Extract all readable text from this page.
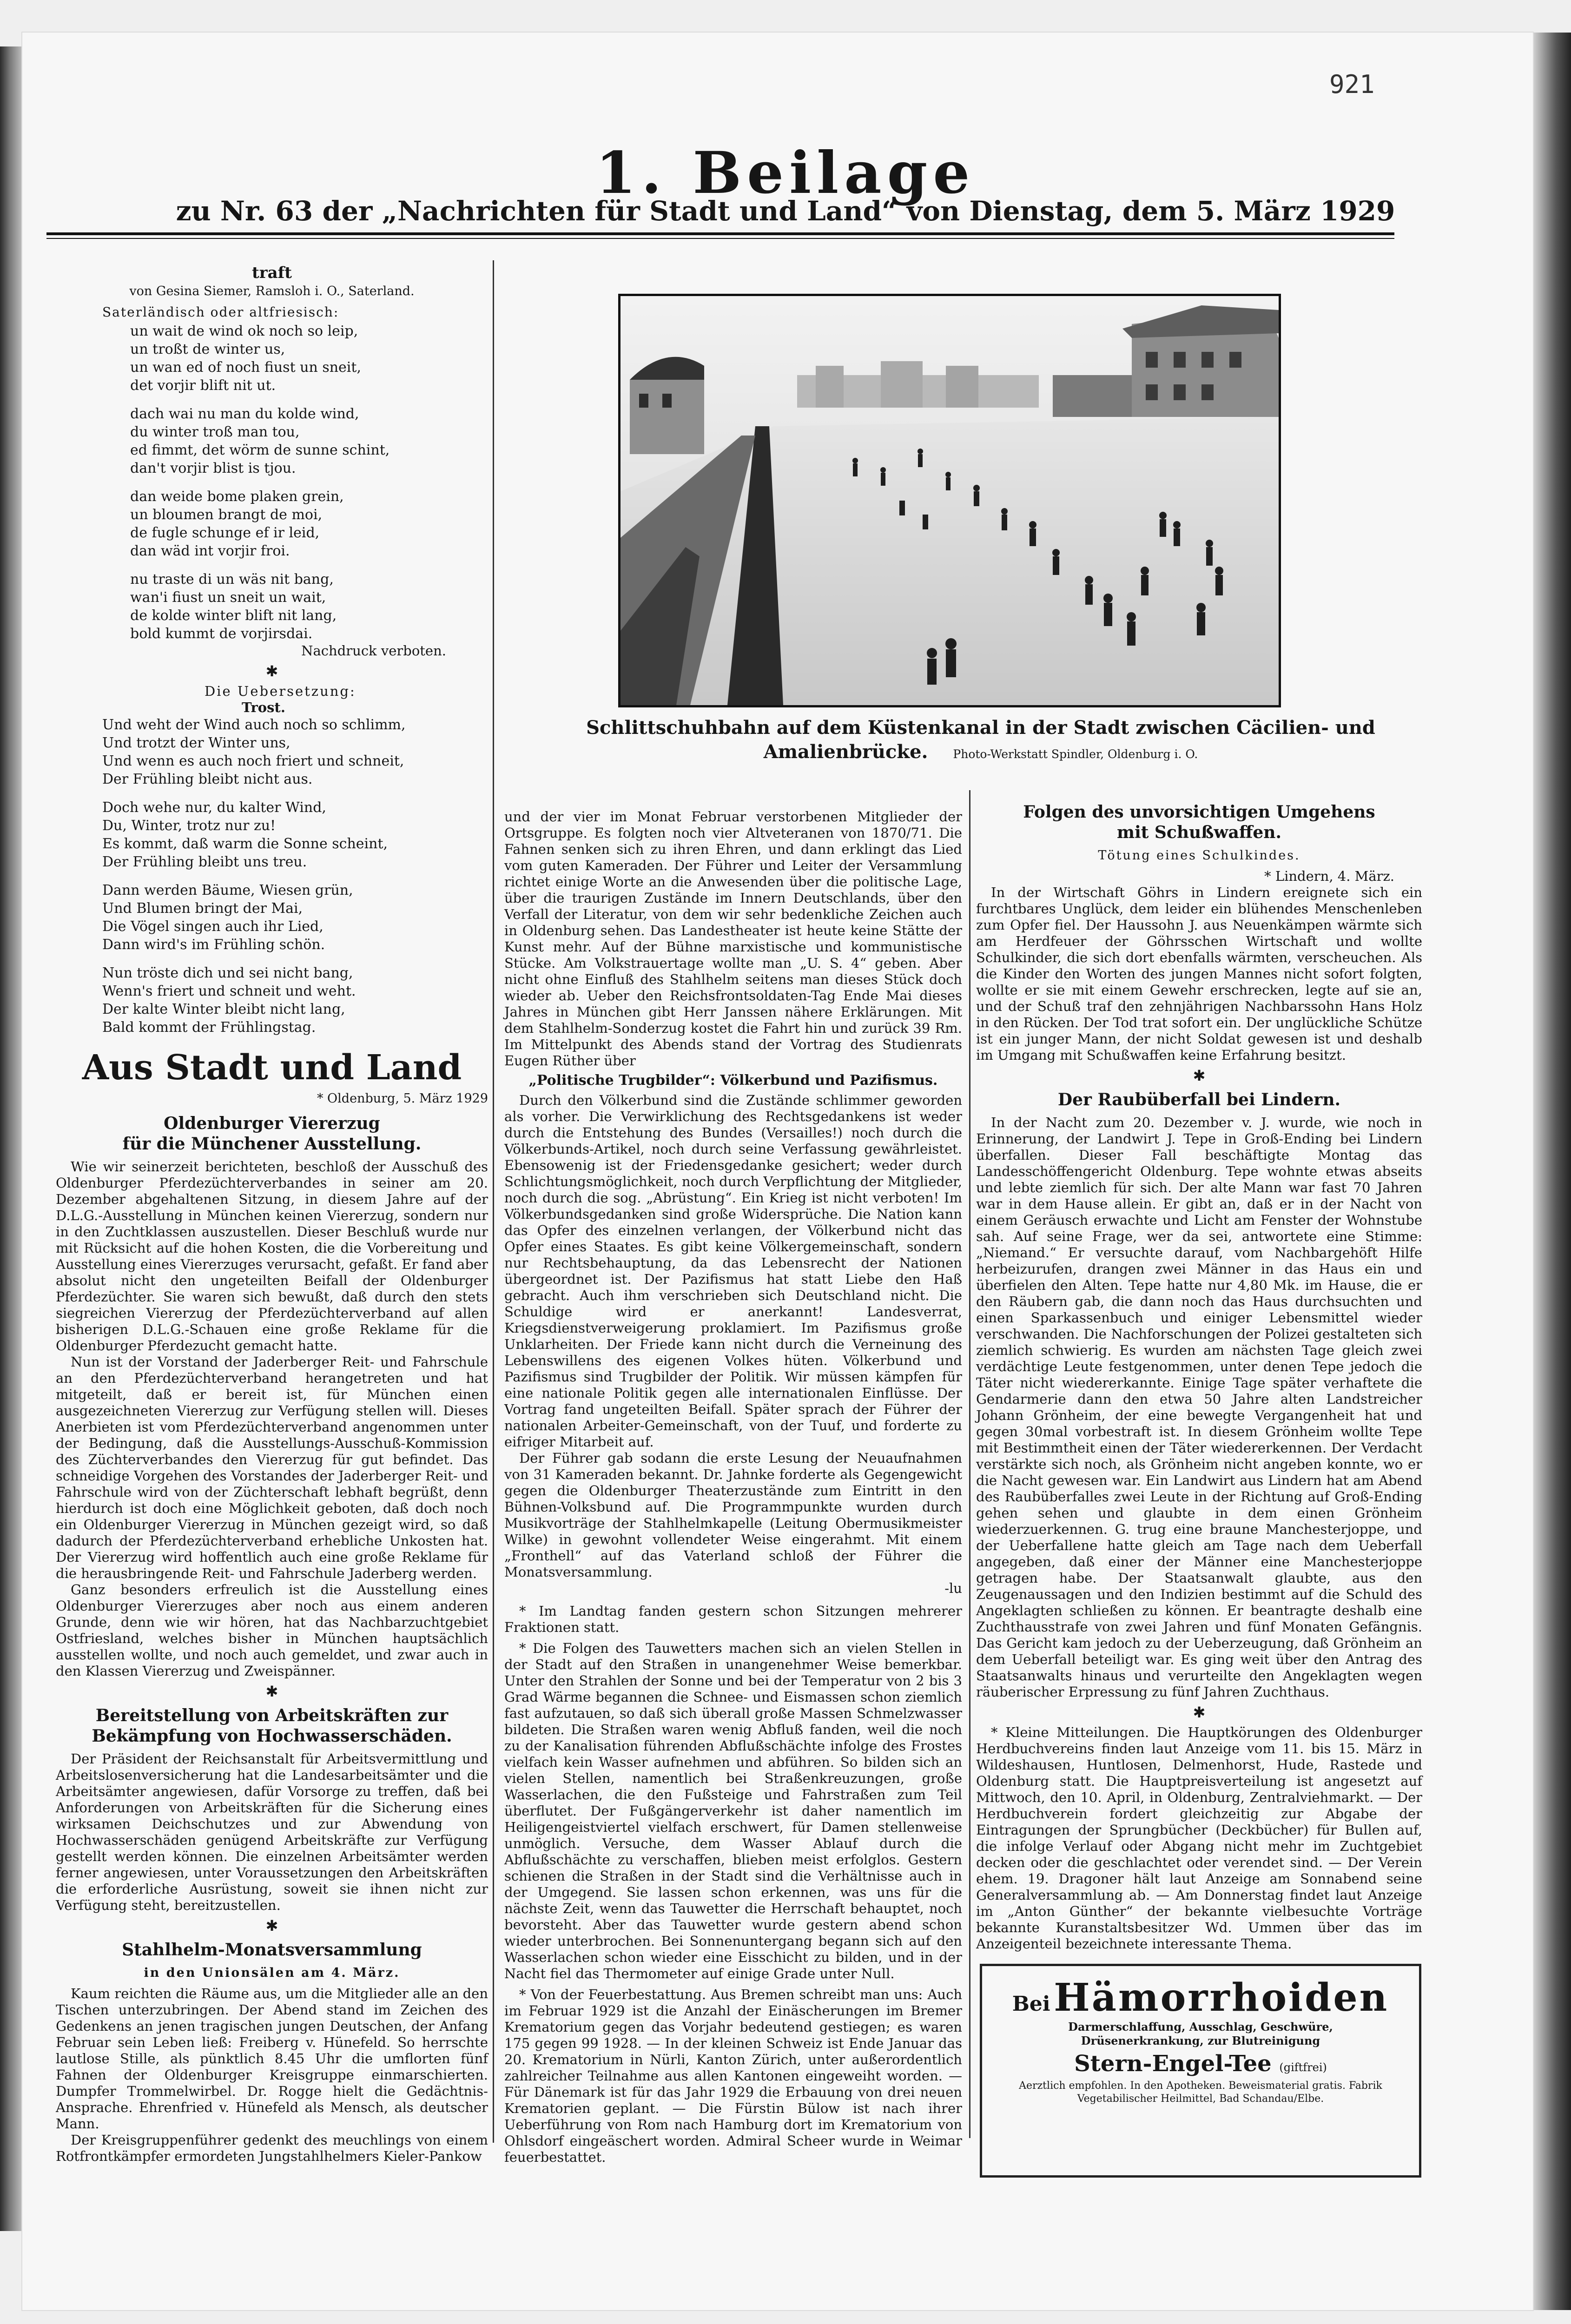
921
1. Beilage
zu Nr. 63 der „Nachrichten für Stadt und Land“ von Dienstag, dem 5. März 1929
traft
von Gesina Siemer, Ramsloh i. O., Saterland.
Saterländisch oder altfriesisch:
un wait de wind ok noch so leip,
un troßt de winter us,
un wan ed of noch fiust un sneit,
det vorjir blift nit ut.
dach wai nu man du kolde wind,
du winter troß man tou,
ed fimmt, det wörm de sunne schint,
dan't vorjir blist is tjou.
dan weide bome plaken grein,
un bloumen brangt de moi,
de fugle schunge ef ir leid,
dan wäd int vorjir froi.
nu traste di un wäs nit bang,
wan'i fiust un sneit un wait,
de kolde winter blift nit lang,
bold kummt de vorjirsdai.
Nachdruck verboten.
✱
Die Uebersetzung:
Trost.
Und weht der Wind auch noch so schlimm,
Und trotzt der Winter uns,
Und wenn es auch noch friert und schneit,
Der Frühling bleibt nicht aus.
Doch wehe nur, du kalter Wind,
Du, Winter, trotz nur zu!
Es kommt, daß warm die Sonne scheint,
Der Frühling bleibt uns treu.
Dann werden Bäume, Wiesen grün,
Und Blumen bringt der Mai,
Die Vögel singen auch ihr Lied,
Dann wird's im Frühling schön.
Nun tröste dich und sei nicht bang,
Wenn's friert und schneit und weht.
Der kalte Winter bleibt nicht lang,
Bald kommt der Frühlingstag.
Aus Stadt und Land
* Oldenburg, 5. März 1929
Oldenburger Viererzug
für die Münchener Ausstellung.

Wie wir seinerzeit berichteten, beschloß der Ausschuß des Oldenburger Pferdezüchterverbandes in seiner am 20. Dezember abgehaltenen Sitzung, in diesem Jahre auf der D.L.G.-Ausstellung in München keinen Viererzug, sondern nur in den Zuchtklassen auszustellen. Dieser Beschluß wurde nur mit Rücksicht auf die hohen Kosten, die die Vorbereitung und Ausstellung eines Viererzuges verursacht, gefaßt. Er fand aber absolut nicht den ungeteilten Beifall der Oldenburger Pferdezüchter. Sie waren sich bewußt, daß durch den stets siegreichen Viererzug der Pferdezüchterverband auf allen bisherigen D.L.G.-Schauen eine große Reklame für die Oldenburger Pferdezucht gemacht hatte.

Nun ist der Vorstand der Jaderberger Reit- und Fahrschule an den Pferdezüchterverband herangetreten und hat mitgeteilt, daß er bereit ist, für München einen ausgezeichneten Viererzug zur Verfügung stellen will. Dieses Anerbieten ist vom Pferdezüchterverband angenommen unter der Bedingung, daß die Ausstellungs-Ausschuß-Kommission des Züchterverbandes den Viererzug für gut befindet. Das schneidige Vorgehen des Vorstandes der Jaderberger Reit- und Fahrschule wird von der Züchterschaft lebhaft begrüßt, denn hierdurch ist doch eine Möglichkeit geboten, daß doch noch ein Oldenburger Viererzug in München gezeigt wird, so daß dadurch der Pferdezüchterverband erhebliche Unkosten hat. Der Viererzug wird hoffentlich auch eine große Reklame für die herausbringende Reit- und Fahrschule Jaderberg werden.

Ganz besonders erfreulich ist die Ausstellung eines Oldenburger Viererzuges aber noch aus einem anderen Grunde, denn wie wir hören, hat das Nachbarzuchtgebiet Ostfriesland, welches bisher in München hauptsächlich ausstellen wollte, und noch auch gemeldet, und zwar auch in den Klassen Viererzug und Zweispänner.

✱
Bereitstellung von Arbeitskräften zur
Bekämpfung von Hochwasserschäden.

Der Präsident der Reichsanstalt für Arbeitsvermittlung und Arbeitslosenversicherung hat die Landesarbeitsämter und die Arbeitsämter angewiesen, dafür Vorsorge zu treffen, daß bei Anforderungen von Arbeitskräften für die Sicherung eines wirksamen Deichschutzes und zur Abwendung von Hochwasserschäden genügend Arbeitskräfte zur Verfügung gestellt werden können. Die einzelnen Arbeitsämter werden ferner angewiesen, unter Voraussetzungen den Arbeitskräften die erforderliche Ausrüstung, soweit sie ihnen nicht zur Verfügung steht, bereitzustellen.

✱
Stahlhelm-Monatsversammlung
in den Unionsälen am 4. März.

Kaum reichten die Räume aus, um die Mitglieder alle an den Tischen unterzubringen. Der Abend stand im Zeichen des Gedenkens an jenen tragischen jungen Deutschen, der Anfang Februar sein Leben ließ: Freiberg v. Hünefeld. So herrschte lautlose Stille, als pünktlich 8.45 Uhr die umflorten fünf Fahnen der Oldenburger Kreisgruppe einmarschierten. Dumpfer Trommelwirbel. Dr. Rogge hielt die Gedächtnis-Ansprache. Ehrenfried v. Hünefeld als Mensch, als deutscher Mann.

Der Kreisgruppenführer gedenkt des meuchlings von einem Rotfrontkämpfer ermordeten Jungstahlhelmers Kieler-Pankow

Schlittschuhbahn auf dem Küstenkanal in der Stadt zwischen Cäcilien- und Amalienbrücke. Photo-Werkstatt Spindler, Oldenburg i. O.

und der vier im Monat Februar verstorbenen Mitglieder der Ortsgruppe. Es folgten noch vier Altveteranen von 1870/71. Die Fahnen senken sich zu ihren Ehren, und dann erklingt das Lied vom guten Kameraden. Der Führer und Leiter der Versammlung richtet einige Worte an die Anwesenden über die politische Lage, über die traurigen Zustände im Innern Deutschlands, über den Verfall der Literatur, von dem wir sehr bedenkliche Zeichen auch in Oldenburg sehen. Das Landestheater ist heute keine Stätte der Kunst mehr. Auf der Bühne marxistische und kommunistische Stücke. Am Volkstrauertage wollte man „U. S. 4“ geben. Aber nicht ohne Einfluß des Stahlhelm seitens man dieses Stück doch wieder ab. Ueber den Reichsfrontsoldaten-Tag Ende Mai dieses Jahres in München gibt Herr Janssen nähere Erklärungen. Mit dem Stahlhelm-Sonderzug kostet die Fahrt hin und zurück 39 Rm. Im Mittelpunkt des Abends stand der Vortrag des Studienrats Eugen Rüther über

„Politische Trugbilder“: Völkerbund und Pazifismus.

Durch den Völkerbund sind die Zustände schlimmer geworden als vorher. Die Verwirklichung des Rechtsgedankens ist weder durch die Entstehung des Bundes (Versailles!) noch durch die Völkerbunds-Artikel, noch durch seine Verfassung gewährleistet. Ebensowenig ist der Friedensgedanke gesichert; weder durch Schlichtungsmöglichkeit, noch durch Verpflichtung der Mitglieder, noch durch die sog. „Abrüstung“. Ein Krieg ist nicht verboten! Im Völkerbundsgedanken sind große Widersprüche. Die Nation kann das Opfer des einzelnen verlangen, der Völkerbund nicht das Opfer eines Staates. Es gibt keine Völkergemeinschaft, sondern nur Rechtsbehauptung, da das Lebensrecht der Nationen übergeordnet ist. Der Pazifismus hat statt Liebe den Haß gebracht. Auch ihm verschrieben sich Deutschland nicht. Die Schuldige wird er anerkannt! Landesverrat, Kriegsdienstverweigerung proklamiert. Im Pazifismus große Unklarheiten. Der Friede kann nicht durch die Verneinung des Lebenswillens des eigenen Volkes hüten. Völkerbund und Pazifismus sind Trugbilder der Politik. Wir müssen kämpfen für eine nationale Politik gegen alle internationalen Einflüsse. Der Vortrag fand ungeteilten Beifall. Später sprach der Führer der nationalen Arbeiter-Gemeinschaft, von der Tuuf, und forderte zu eifriger Mitarbeit auf.

Der Führer gab sodann die erste Lesung der Neuaufnahmen von 31 Kameraden bekannt. Dr. Jahnke forderte als Gegengewicht gegen die Oldenburger Theaterzustände zum Eintritt in den Bühnen-Volksbund auf. Die Programmpunkte wurden durch Musikvorträge der Stahlhelmkapelle (Leitung Obermusikmeister Wilke) in gewohnt vollendeter Weise eingerahmt. Mit einem „Fronthell“ auf das Vaterland schloß der Führer die Monatsversammlung.

-lu

* Im Landtag fanden gestern schon Sitzungen mehrerer Fraktionen statt.

* Die Folgen des Tauwetters machen sich an vielen Stellen in der Stadt auf den Straßen in unangenehmer Weise bemerkbar. Unter den Strahlen der Sonne und bei der Temperatur von 2 bis 3 Grad Wärme begannen die Schnee- und Eismassen schon ziemlich fast aufzutauen, so daß sich überall große Massen Schmelzwasser bildeten. Die Straßen waren wenig Abfluß fanden, weil die noch zu der Kanalisation führenden Abflußschächte infolge des Frostes vielfach kein Wasser aufnehmen und abführen. So bilden sich an vielen Stellen, namentlich bei Straßenkreuzungen, große Wasserlachen, die den Fußsteige und Fahrstraßen zum Teil überflutet. Der Fußgängerverkehr ist daher namentlich im Heiligengeistviertel vielfach erschwert, für Damen stellenweise unmöglich. Versuche, dem Wasser Ablauf durch die Abflußschächte zu verschaffen, blieben meist erfolglos. Gestern schienen die Straßen in der Stadt sind die Verhältnisse auch in der Umgegend. Sie lassen schon erkennen, was uns für die nächste Zeit, wenn das Tauwetter die Herrschaft behauptet, noch bevorsteht. Aber das Tauwetter wurde gestern abend schon wieder unterbrochen. Bei Sonnenuntergang begann sich auf den Wasserlachen schon wieder eine Eisschicht zu bilden, und in der Nacht fiel das Thermometer auf einige Grade unter Null.

* Von der Feuerbestattung. Aus Bremen schreibt man uns: Auch im Februar 1929 ist die Anzahl der Einäscherungen im Bremer Krematorium gegen das Vorjahr bedeutend gestiegen; es waren 175 gegen 99 1928. — In der kleinen Schweiz ist Ende Januar das 20. Krematorium in Nürli, Kanton Zürich, unter außerordentlich zahlreicher Teilnahme aus allen Kantonen eingeweiht worden. — Für Dänemark ist für das Jahr 1929 die Erbauung von drei neuen Krematorien geplant. — Die Fürstin Bülow ist nach ihrer Ueberführung von Rom nach Hamburg dort im Krematorium von Ohlsdorf eingeäschert worden. Admiral Scheer wurde in Weimar feuerbestattet.

Folgen des unvorsichtigen Umgehens
mit Schußwaffen.
Tötung eines Schulkindes.
* Lindern, 4. März.

In der Wirtschaft Göhrs in Lindern ereignete sich ein furchtbares Unglück, dem leider ein blühendes Menschenleben zum Opfer fiel. Der Haussohn J. aus Neuenkämpen wärmte sich am Herdfeuer der Göhrsschen Wirtschaft und wollte Schulkinder, die sich dort ebenfalls wärmten, verscheuchen. Als die Kinder den Worten des jungen Mannes nicht sofort folgten, wollte er sie mit einem Gewehr erschrecken, legte auf sie an, und der Schuß traf den zehnjährigen Nachbarssohn Hans Holz in den Rücken. Der Tod trat sofort ein. Der unglückliche Schütze ist ein junger Mann, der nicht Soldat gewesen ist und deshalb im Umgang mit Schußwaffen keine Erfahrung besitzt.

✱
Der Raubüberfall bei Lindern.

In der Nacht zum 20. Dezember v. J. wurde, wie noch in Erinnerung, der Landwirt J. Tepe in Groß-Ending bei Lindern überfallen. Dieser Fall beschäftigte Montag das Landesschöffengericht Oldenburg. Tepe wohnte etwas abseits und lebte ziemlich für sich. Der alte Mann war fast 70 Jahren war in dem Hause allein. Er gibt an, daß er in der Nacht von einem Geräusch erwachte und Licht am Fenster der Wohnstube sah. Auf seine Frage, wer da sei, antwortete eine Stimme: „Niemand.“ Er versuchte darauf, vom Nachbargehöft Hilfe herbeizurufen, drangen zwei Männer in das Haus ein und überfielen den Alten. Tepe hatte nur 4,80 Mk. im Hause, die er den Räubern gab, die dann noch das Haus durchsuchten und einen Sparkassenbuch und einiger Lebensmittel wieder verschwanden. Die Nachforschungen der Polizei gestalteten sich ziemlich schwierig. Es wurden am nächsten Tage gleich zwei verdächtige Leute festgenommen, unter denen Tepe jedoch die Täter nicht wiedererkannte. Einige Tage später verhaftete die Gendarmerie dann den etwa 50 Jahre alten Landstreicher Johann Grönheim, der eine bewegte Vergangenheit hat und gegen 30mal vorbestraft ist. In diesem Grönheim wollte Tepe mit Bestimmtheit einen der Täter wiedererkennen. Der Verdacht verstärkte sich noch, als Grönheim nicht angeben konnte, wo er die Nacht gewesen war. Ein Landwirt aus Lindern hat am Abend des Raubüberfalles zwei Leute in der Richtung auf Groß-Ending gehen sehen und glaubte in dem einen Grönheim wiederzuerkennen. G. trug eine braune Manchesterjoppe, und der Ueberfallene hatte gleich am Tage nach dem Ueberfall angegeben, daß einer der Männer eine Manchesterjoppe getragen habe. Der Staatsanwalt glaubte, aus den Zeugenaussagen und den Indizien bestimmt auf die Schuld des Angeklagten schließen zu können. Er beantragte deshalb eine Zuchthausstrafe von zwei Jahren und fünf Monaten Gefängnis. Das Gericht kam jedoch zu der Ueberzeugung, daß Grönheim an dem Ueberfall beteiligt war. Es ging weit über den Antrag des Staatsanwalts hinaus und verurteilte den Angeklagten wegen räuberischer Erpressung zu fünf Jahren Zuchthaus.

✱

* Kleine Mitteilungen. Die Hauptkörungen des Oldenburger Herdbuchvereins finden laut Anzeige vom 11. bis 15. März in Wildeshausen, Huntlosen, Delmenhorst, Hude, Rastede und Oldenburg statt. Die Hauptpreisverteilung ist angesetzt auf Mittwoch, den 10. April, in Oldenburg, Zentralviehmarkt. — Der Herdbuchverein fordert gleichzeitig zur Abgabe der Eintragungen der Sprungbücher (Deckbücher) für Bullen auf, die infolge Verlauf oder Abgang nicht mehr im Zuchtgebiet decken oder die geschlachtet oder verendet sind. — Der Verein ehem. 19. Dragoner hält laut Anzeige am Sonnabend seine Generalversammlung ab. — Am Donnerstag findet laut Anzeige im „Anton Günther“ der bekannte vielbesuchte Vorträge bekannte Kuranstaltsbesitzer Wd. Ummen über das im Anzeigenteil bezeichnete interessante Thema.

Bei Hämorrhoiden
Darmerschlaffung, Ausschlag, Geschwüre,
Drüsenerkrankung, zur Blutreinigung
Stern-Engel-Tee (giftfrei)
Aerztlich empfohlen. In den Apotheken. Beweismaterial gratis. Fabrik Vegetabilischer Heilmittel, Bad Schandau/Elbe.
